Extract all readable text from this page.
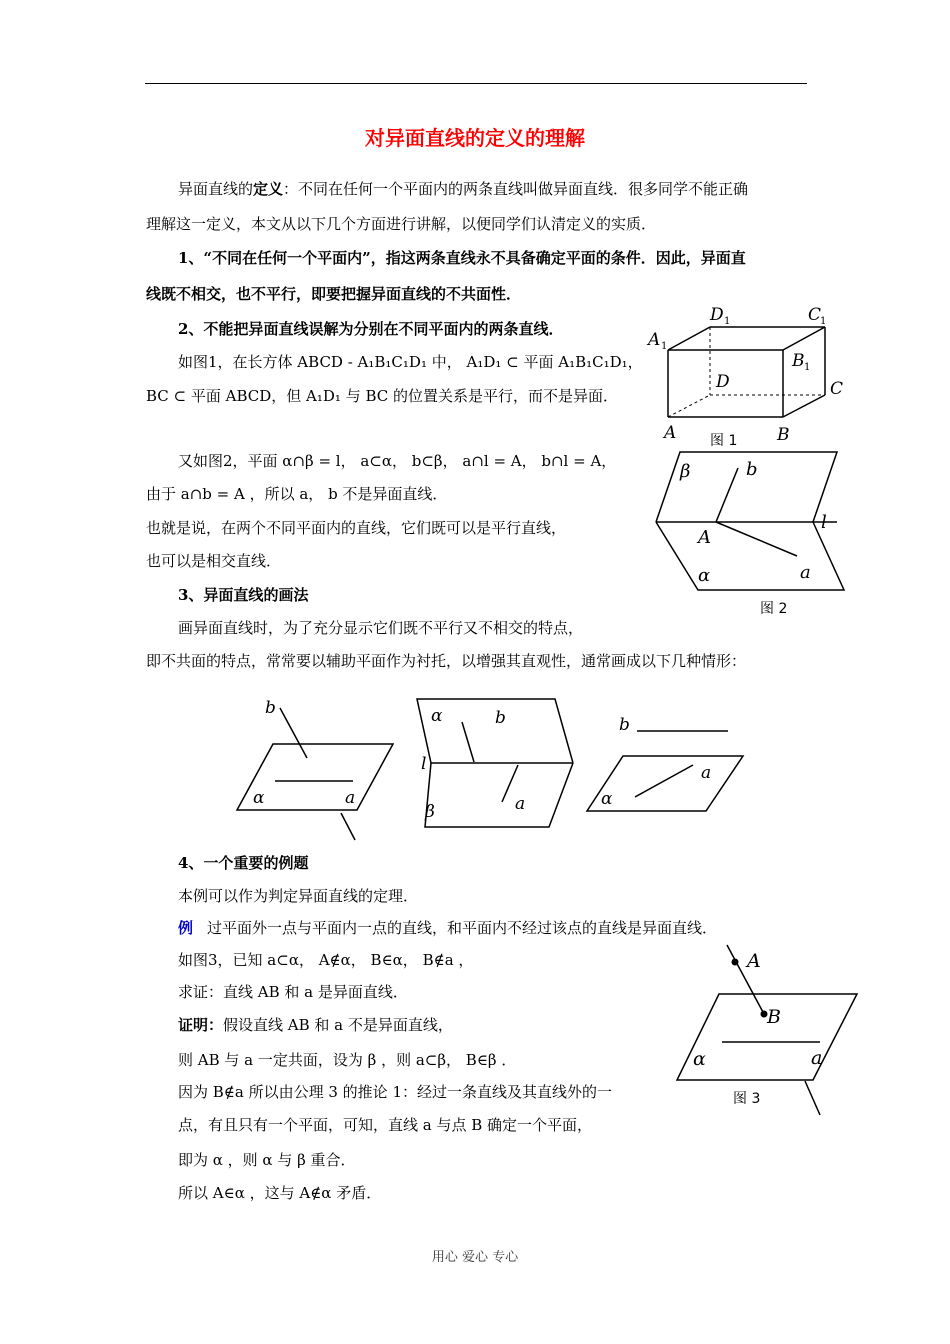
对异面直线的定义的理解
异面直线的定义：不同在任何一个平面内的两条直线叫做异面直线．很多同学不能正确
理解这一定义，本文从以下几个方面进行讲解，以便同学们认清定义的实质．
1、“不同在任何一个平面内”，指这两条直线永不具备确定平面的条件．因此，异面直
线既不相交，也不平行，即要把握异面直线的不共面性．
2、不能把异面直线误解为分别在不同平面内的两条直线．
如图1，在长方体 ABCD - A₁B₁C₁D₁ 中， A₁D₁ ⊂ 平面 A₁B₁C₁D₁，
BC ⊂ 平面 ABCD，但 A₁D₁ 与 BC 的位置关系是平行，而不是异面．
又如图2，平面 α∩β = l， a⊂α， b⊂β， a∩l = A， b∩l = A，
由于 a∩b = A ，所以 a， b 不是异面直线．
也就是说，在两个不同平面内的直线，它们既可以是平行直线，
也可以是相交直线．
3、异面直线的画法
画异面直线时，为了充分显示它们既不平行又不相交的特点，
即不共面的特点，常常要以辅助平面作为衬托，以增强其直观性，通常画成以下几种情形：
4、一个重要的例题
本例可以作为判定异面直线的定理．
例 过平面外一点与平面内一点的直线，和平面内不经过该点的直线是异面直线．
如图3，已知 a⊂α， A∉α， B∈α， B∉a ，
求证：直线 AB 和 a 是异面直线．
证明：假设直线 AB 和 a 不是异面直线，
则 AB 与 a 一定共面，设为 β ，则 a⊂β， B∈β ．
因为 B∉a 所以由公理 3 的推论 1：经过一条直线及其直线外的一
点，有且只有一个平面，可知，直线 a 与点 B 确定一个平面，
即为 α ，则 α 与 β 重合．
所以 A∈α ，这与 A∉α 矛盾．
A 1
D 1	C
1
B 1
D	C
A	B
图 1
β	b
l
A
α	a
图 2
b
α	a
α	b
l
β	a
b
α
a
A
B
α	a
图 3
用心 爱心 专心
